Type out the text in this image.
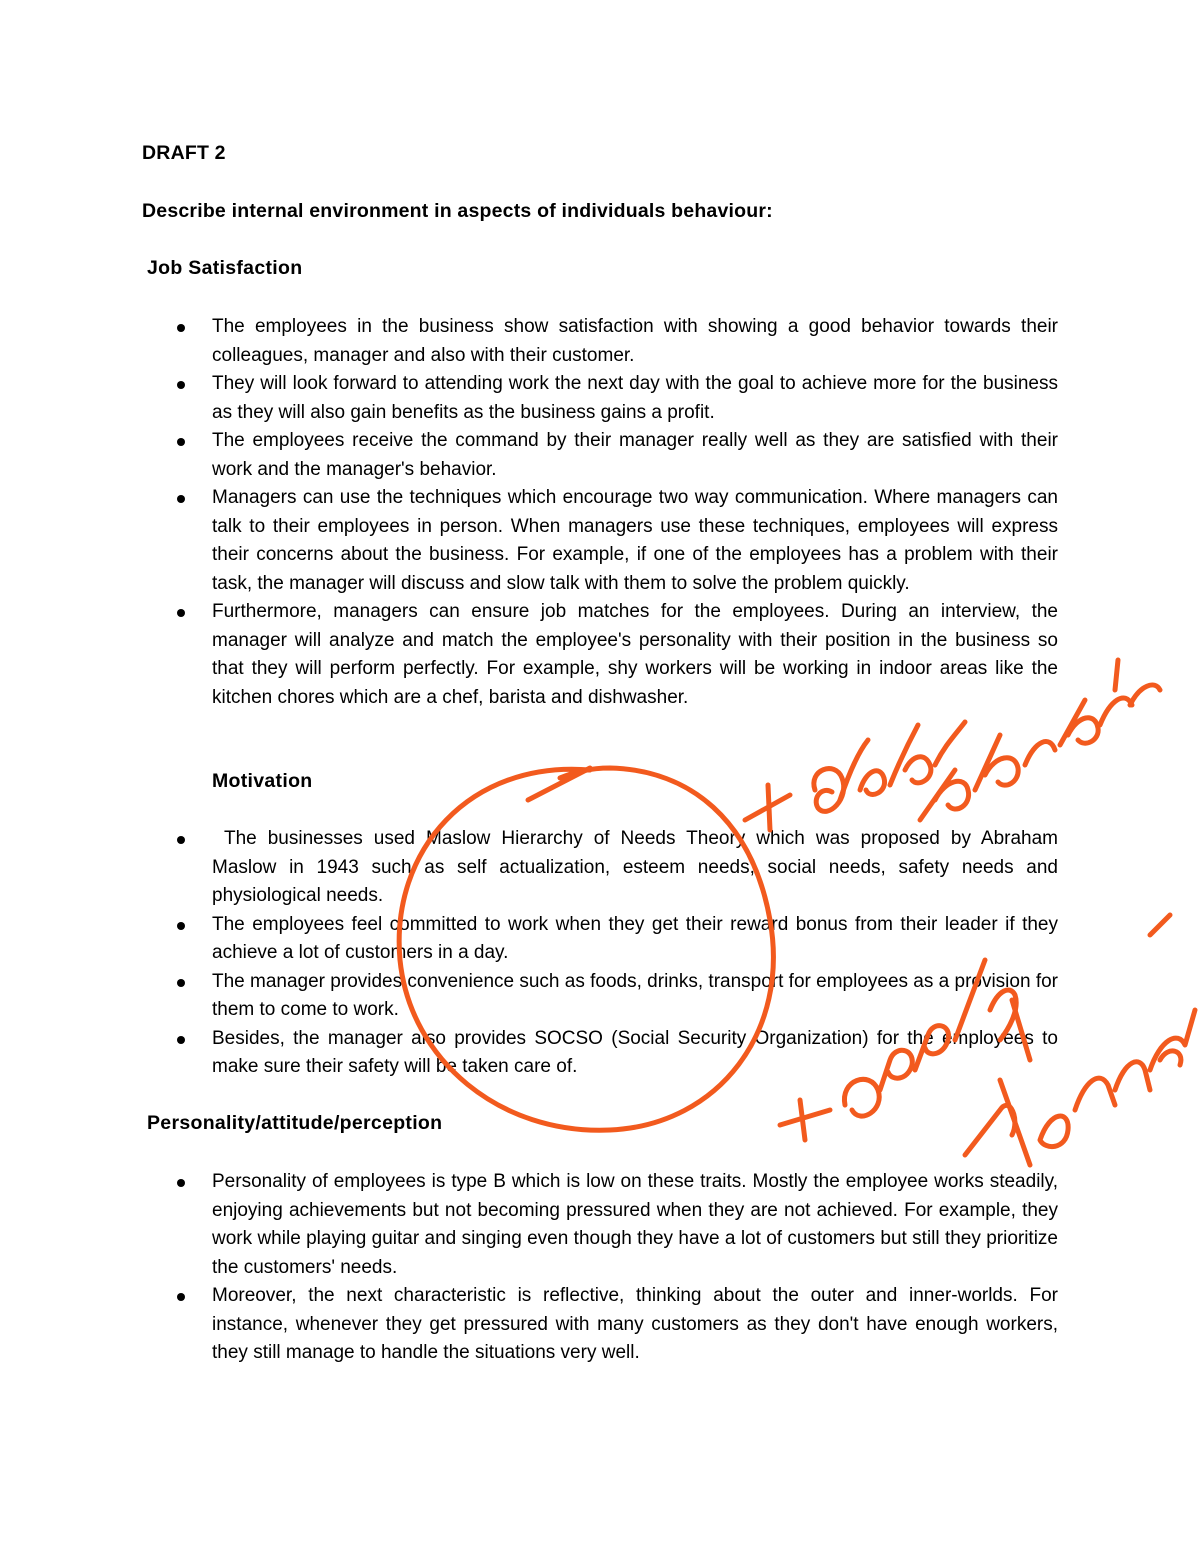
DRAFT 2
Describe internal environment in aspects of individuals behaviour:
Job Satisfaction
The employees in the business show satisfaction with showing a good behavior towards their colleagues, manager and also with their customer.
They will look forward to attending work the next day with the goal to achieve more for the business as they will also gain benefits as the business gains a profit.
The employees receive the command by their manager really well as they are satisfied with their work and the manager's behavior.
Managers can use the techniques which encourage two way communication. Where managers can talk to their employees in person. When managers use these techniques, employees will express their concerns about the business. For example, if one of the employees has a problem with their task, the manager will discuss and slow talk with them to solve the problem quickly.
Furthermore, managers can ensure job matches for the employees. During an interview, the manager will analyze and match the employee's personality with their position in the business so that they will perform perfectly. For example, shy workers will be working in indoor areas like the kitchen chores which are a chef, barista and dishwasher.
Motivation
The businesses used Maslow Hierarchy of Needs Theory which was proposed by Abraham Maslow in 1943 such as self actualization, esteem needs, social needs, safety needs and physiological needs.
The employees feel committed to work when they get their reward bonus from their leader if they achieve a lot of customers in a day.
The manager provides convenience such as foods, drinks, transport for employees as a provision for them to come to work.
Besides, the manager also provides SOCSO (Social Security Organization) for the employees to make sure their safety will be taken care of.
Personality/attitude/perception
Personality of employees is type B which is low on these traits. Mostly the employee works steadily, enjoying achievements but not becoming pressured when they are not achieved. For example, they work while playing guitar and singing even though they have a lot of customers but still they prioritize the customers' needs.
Moreover, the next characteristic is reflective, thinking about the outer and inner-worlds. For instance, whenever they get pressured with many customers as they don't have enough workers, they still manage to handle the situations very well.
